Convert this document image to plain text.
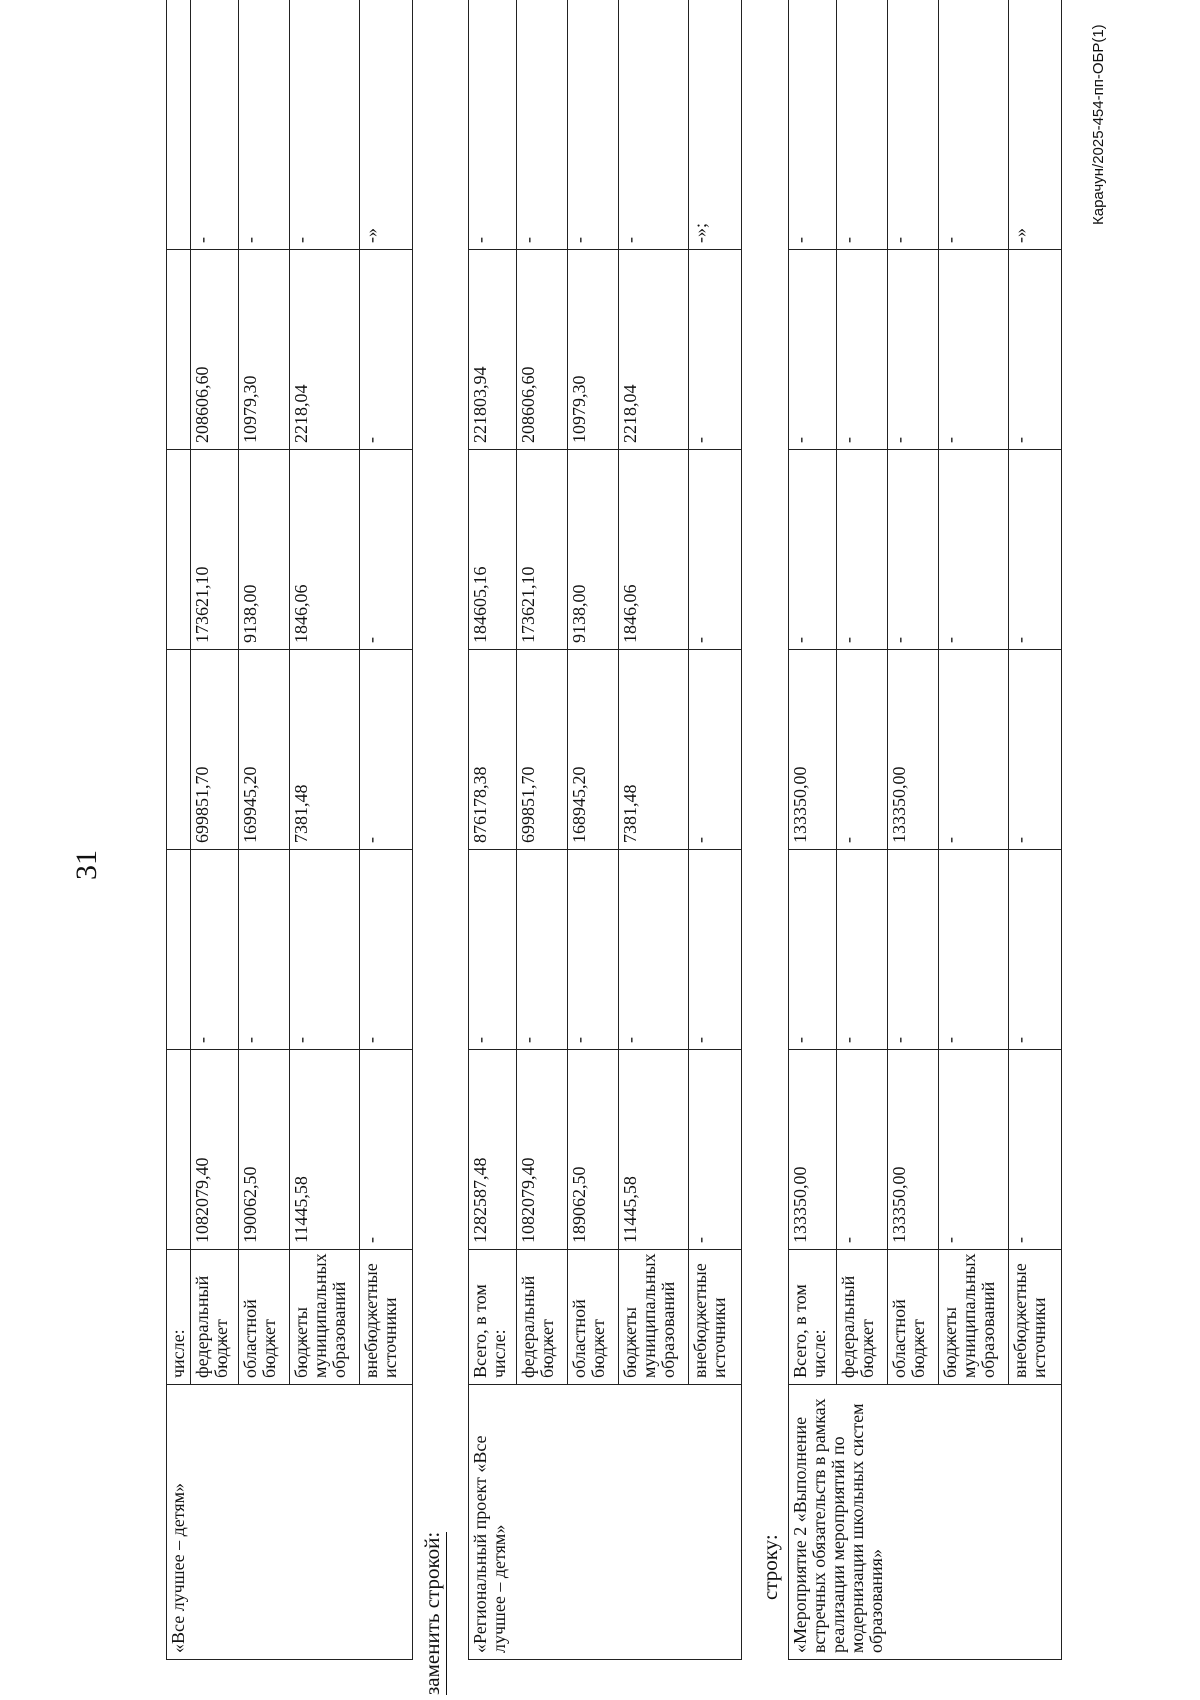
31
«Все лучшее – детям»	числе:						
	федеральный бюджет	1082079,40	-	699851,70	173621,10	208606,60	-
	областной бюджет	190062,50	-	169945,20	9138,00	10979,30	-
	бюджеты муниципальных образований	11445,58	-	7381,48	1846,06	2218,04	-
	внебюджетные источники	-	-	-	-	-	-»
заменить строкой: «Региональный проект «Все лучшее – детям»	Всего, в том числе:	1282587,48	-	876178,38	184605,16	221803,94	-
	федеральный бюджет	1082079,40	-	699851,70	173621,10	208606,60	-
	областной бюджет	189062,50	-	168945,20	9138,00	10979,30	-
	бюджеты муниципальных образований	11445,58	-	7381,48	1846,06	2218,04	-
	внебюджетные источники	-	-	-	-	-	-»;
строку: «Мероприятие 2 «Выполнение встречных обязательств в рамках реализации мероприятий по модернизации школьных систем образования»	Всего, в том числе:	133350,00	-	133350,00	-	-	-
	федеральный бюджет	-	-	-	-	-	-
	областной бюджет	133350,00	-	133350,00	-	-	-
	бюджеты муниципальных образований	-	-	-	-	-	-
	внебюджетные источники	-	-	-	-	-	-»
Карачун/2025-454-пп-ОБР(1)
